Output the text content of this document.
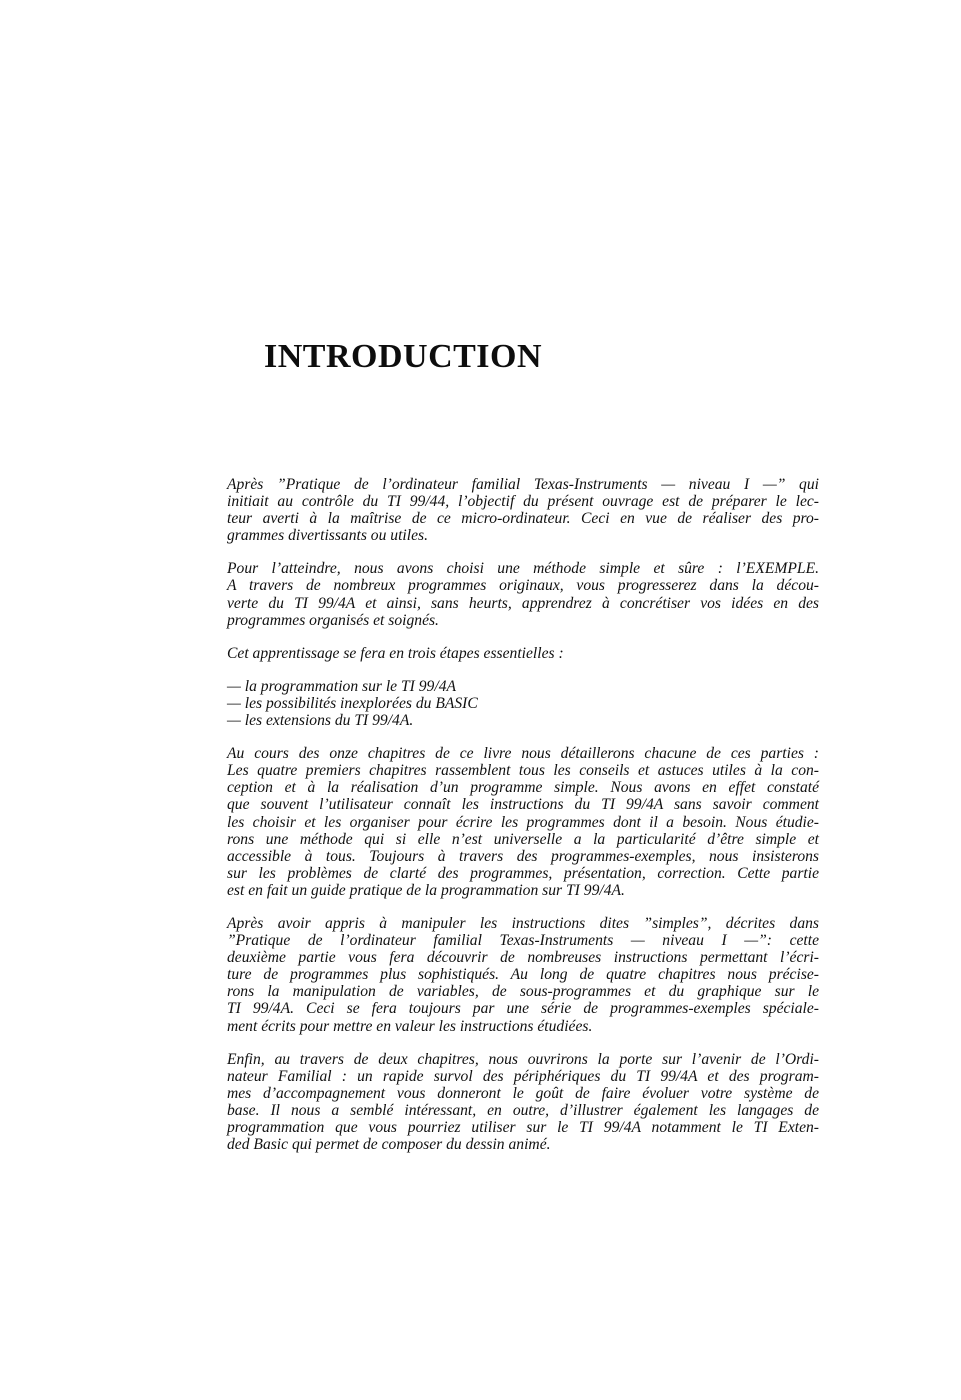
INTRODUCTION

Après ”Pratique de l’ordinateur familial Texas-Instruments — niveau I —” qui
initiait au contrôle du TI 99/44, l’objectif du présent ouvrage est de préparer le lec-
teur averti à la maîtrise de ce micro-ordinateur. Ceci en vue de réaliser des pro-
grammes divertissants ou utiles.

Pour l’atteindre, nous avons choisi une méthode simple et sûre : l’EXEMPLE.
A travers de nombreux programmes originaux, vous progresserez dans la décou-
verte du TI 99/4A et ainsi, sans heurts, apprendrez à concrétiser vos idées en des
programmes organisés et soignés.

Cet apprentissage se fera en trois étapes essentielles :

— la programmation sur le TI 99/4A
— les possibilités inexplorées du BASIC
— les extensions du TI 99/4A.

Au cours des onze chapitres de ce livre nous détaillerons chacune de ces parties :
Les quatre premiers chapitres rassemblent tous les conseils et astuces utiles à la con-
ception et à la réalisation d’un programme simple. Nous avons en effet constaté
que souvent l’utilisateur connaît les instructions du TI 99/4A sans savoir comment
les choisir et les organiser pour écrire les programmes dont il a besoin. Nous étudie-
rons une méthode qui si elle n’est universelle a la particularité d’être simple et
accessible à tous. Toujours à travers des programmes-exemples, nous insisterons
sur les problèmes de clarté des programmes, présentation, correction. Cette partie
est en fait un guide pratique de la programmation sur TI 99/4A.

Après avoir appris à manipuler les instructions dites ”simples”, décrites dans
”Pratique de l’ordinateur familial Texas-Instruments — niveau I —”: cette
deuxième partie vous fera découvrir de nombreuses instructions permettant l’écri-
ture de programmes plus sophistiqués. Au long de quatre chapitres nous précise-
rons la manipulation de variables, de sous-programmes et du graphique sur le
TI 99/4A. Ceci se fera toujours par une série de programmes-exemples spéciale-
ment écrits pour mettre en valeur les instructions étudiées.

Enfin, au travers de deux chapitres, nous ouvrirons la porte sur l’avenir de l’Ordi-
nateur Familial : un rapide survol des périphériques du TI 99/4A et des program-
mes d’accompagnement vous donneront le goût de faire évoluer votre système de
base. Il nous a semblé intéressant, en outre, d’illustrer également les langages de
programmation que vous pourriez utiliser sur le TI 99/4A notamment le TI Exten-
ded Basic qui permet de composer du dessin animé.
